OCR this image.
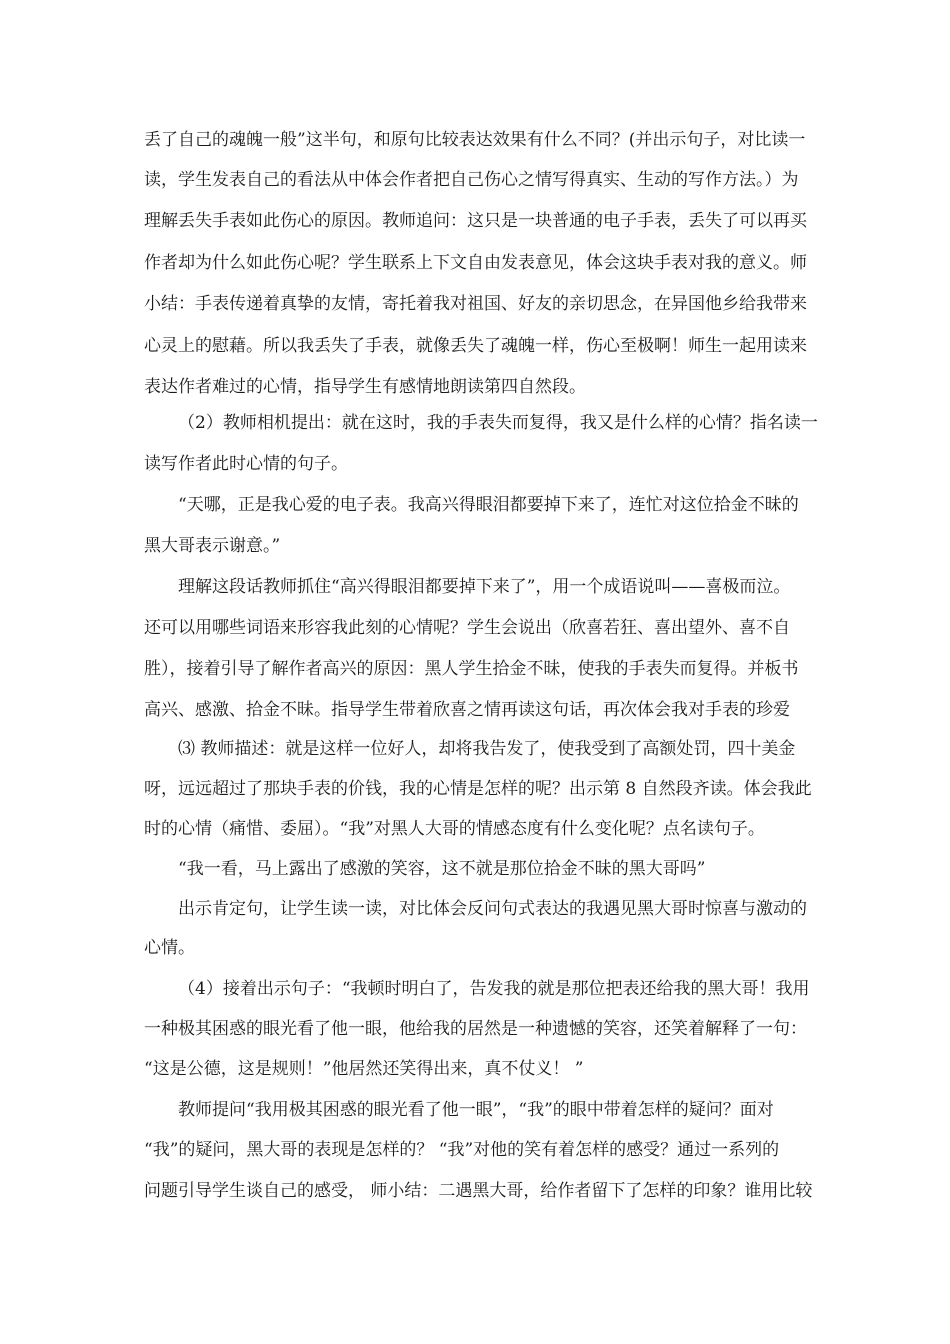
丢了自己的魂魄一般”这半句，和原句比较表达效果有什么不同？(并出示句子，对比读一
读，学生发表自己的看法从中体会作者把自己伤心之情写得真实、生动的写作方法。）为
理解丢失手表如此伤心的原因。教师追问：这只是一块普通的电子手表，丢失了可以再买
作者却为什么如此伤心呢？学生联系上下文自由发表意见，体会这块手表对我的意义。师
小结：手表传递着真挚的友情，寄托着我对祖国、好友的亲切思念，在异国他乡给我带来
心灵上的慰藉。所以我丢失了手表，就像丢失了魂魄一样，伤心至极啊！师生一起用读来
表达作者难过的心情，指导学生有感情地朗读第四自然段。
（2）教师相机提出：就在这时，我的手表失而复得，我又是什么样的心情？指名读一
读写作者此时心情的句子。
“天哪，正是我心爱的电子表。我高兴得眼泪都要掉下来了，连忙对这位拾金不昧的
黑大哥表示谢意。”
理解这段话教师抓住“高兴得眼泪都要掉下来了”，用一个成语说叫——喜极而泣。
还可以用哪些词语来形容我此刻的心情呢？学生会说出（欣喜若狂、喜出望外、喜不自
胜），接着引导了解作者高兴的原因：黑人学生拾金不昧，使我的手表失而复得。并板书
高兴、感激、拾金不昧。指导学生带着欣喜之情再读这句话，再次体会我对手表的珍爱
⑶ 教师描述：就是这样一位好人，却将我告发了，使我受到了高额处罚，四十美金
呀，远远超过了那块手表的价钱，我的心情是怎样的呢？出示第 8 自然段齐读。体会我此
时的心情（痛惜、委屈）。“我”对黑人大哥的情感态度有什么变化呢？点名读句子。
“我一看，马上露出了感激的笑容，这不就是那位拾金不昧的黑大哥吗”
出示肯定句，让学生读一读，对比体会反问句式表达的我遇见黑大哥时惊喜与激动的
心情。
（4）接着出示句子：“我顿时明白了，告发我的就是那位把表还给我的黑大哥！我用
一种极其困惑的眼光看了他一眼，他给我的居然是一种遗憾的笑容，还笑着解释了一句：
“这是公德，这是规则！”他居然还笑得出来，真不仗义！ ”
教师提问“我用极其困惑的眼光看了他一眼”，“我”的眼中带着怎样的疑问？面对
“我”的疑问，黑大哥的表现是怎样的？ “我”对他的笑有着怎样的感受？通过一系列的
问题引导学生谈自己的感受， 师小结：二遇黑大哥，给作者留下了怎样的印象？谁用比较
